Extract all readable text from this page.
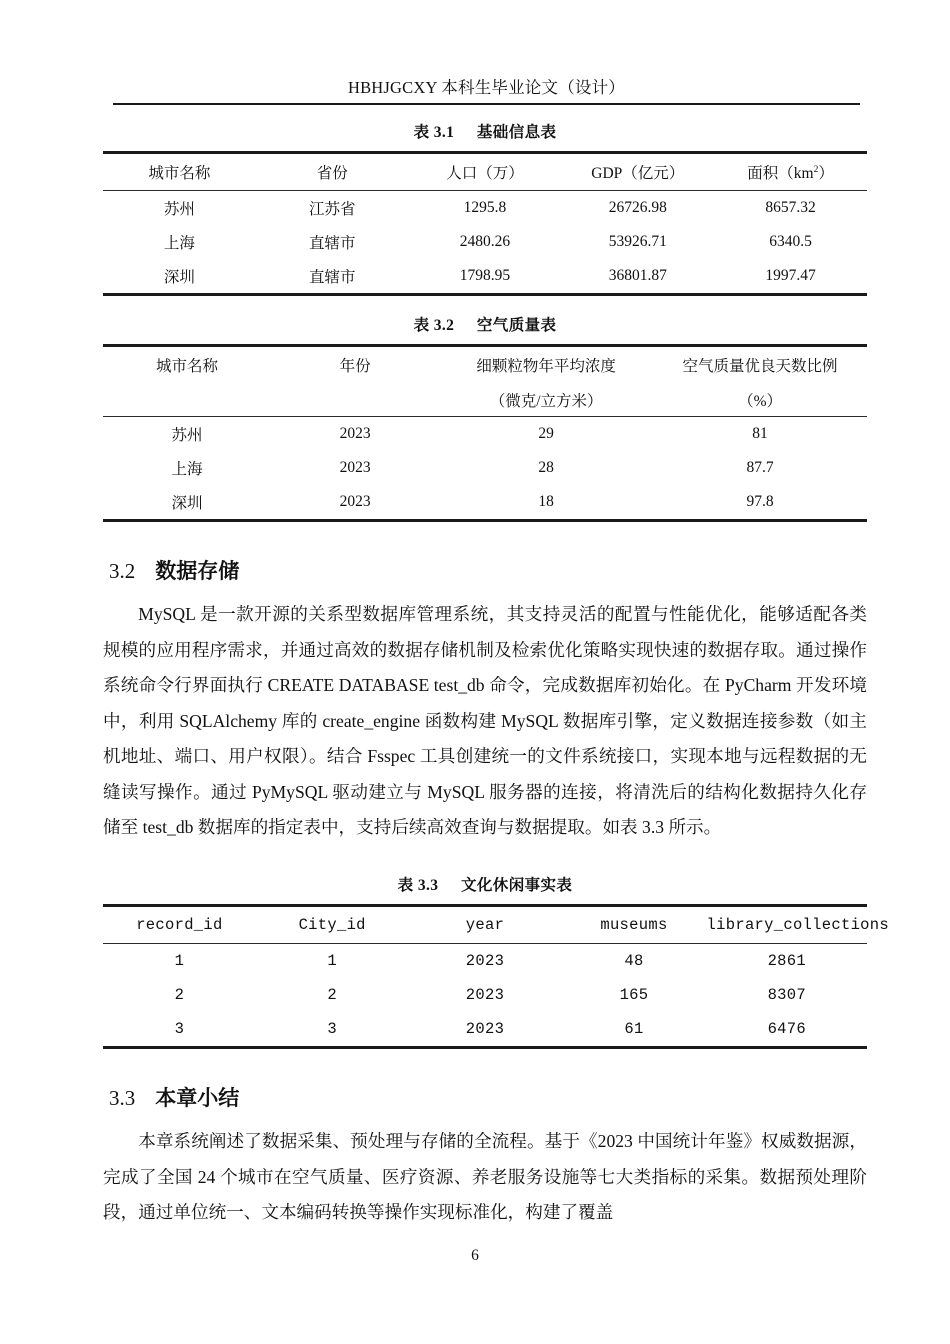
HBHJGCXY 本科生毕业论文（设计）
表 3.1 基础信息表
城市名称	省份	人口（万）	GDP（亿元）	面积$(km^2)$
苏州	江苏省	1295.8	26726.98	8657.32
上海	直辖市	2480.26	53926.71	6340.5
深圳	直辖市	1798.95	36801.87	1997.47
表 3.2 空气质量表
城市名称	年份	细颗粒物年平均浓度	空气质量优良天数比例
		（微克/立方米）	（%）
苏州	2023	29	81
上海	2023	28	87.7
深圳	2023	18	97.8
3.2 数据存储
MySQL 是一款开源的关系型数据库管理系统，其支持灵活的配置与性能优化，能够适配各类规模的应用程序需求，并通过高效的数据存储机制及检索优化策略实现快速的数据存取。通过操作系统命令行界面执行 CREATE DATABASE test_db 命令，完成数据库初始化。在 PyCharm 开发环境中，利用 SQLAlchemy 库的 create_engine 函数构建 MySQL 数据库引擎，定义数据连接参数（如主机地址、端口、用户权限）。结合 Fsspec 工具创建统一的文件系统接口，实现本地与远程数据的无缝读写操作。通过 PyMySQL 驱动建立与 MySQL 服务器的连接，将清洗后的结构化数据持久化存储至 test_db 数据库的指定表中，支持后续高效查询与数据提取。如表 3.3 所示。
表 3.3 文化休闲事实表
record_id	City_id	year	museums	library_collections
1	1	2023	48	2861
2	2	2023	165	8307
3	3	2023	61	6476
3.3 本章小结
本章系统阐述了数据采集、预处理与存储的全流程。基于《2023 中国统计年鉴》权威数据源，完成了全国 24 个城市在空气质量、医疗资源、养老服务设施等七大类指标的采集。数据预处理阶段，通过单位统一、文本编码转换等操作实现标准化，构建了覆盖
6
